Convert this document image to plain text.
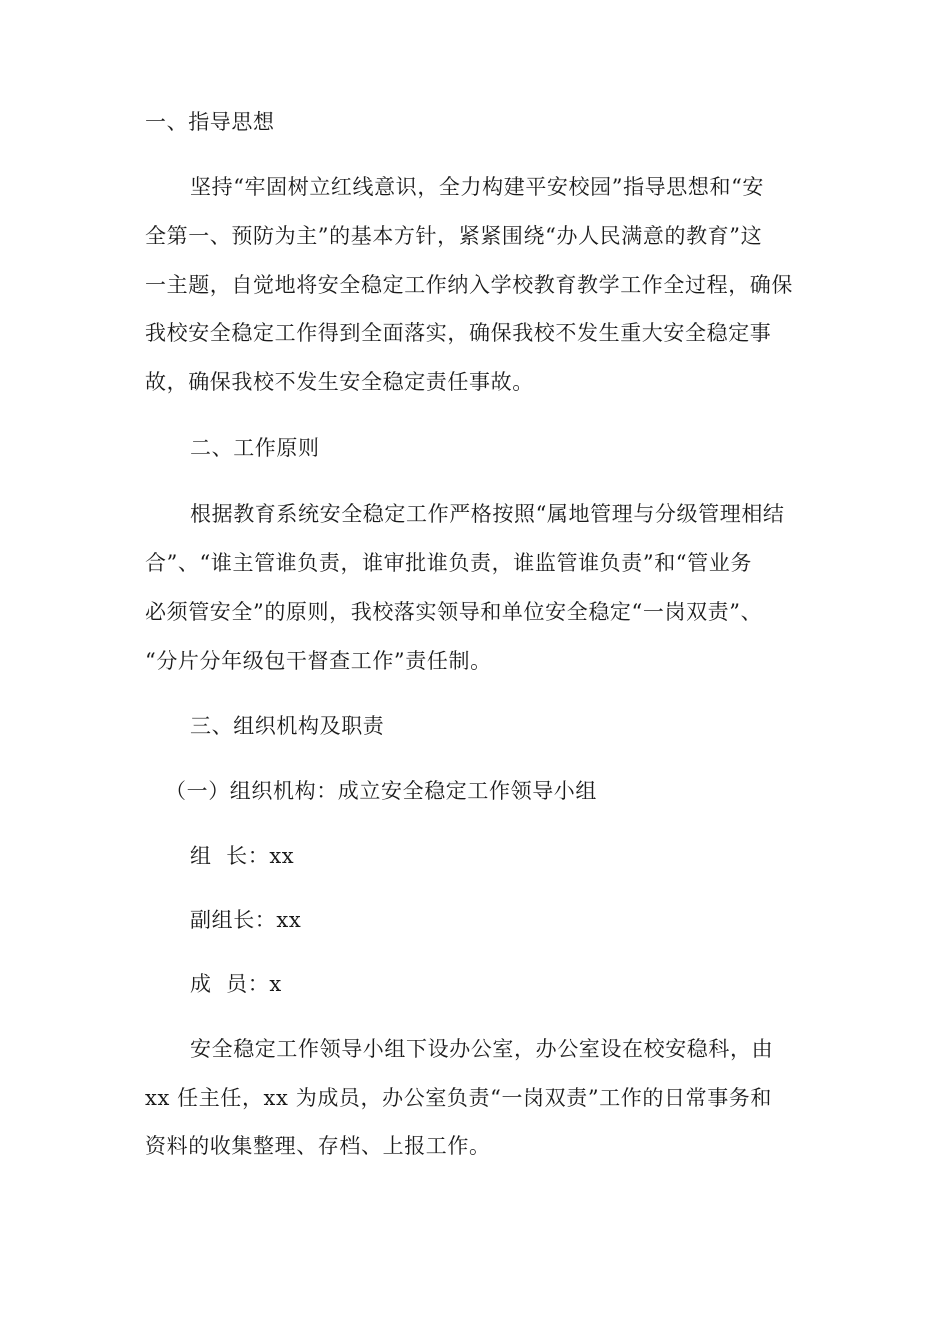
一、指导思想
坚持“牢固树立红线意识，全力构建平安校园”指导思想和“安
全第一、预防为主”的基本方针，紧紧围绕“办人民满意的教育”这
一主题，自觉地将安全稳定工作纳入学校教育教学工作全过程，确保
我校安全稳定工作得到全面落实，确保我校不发生重大安全稳定事
故，确保我校不发生安全稳定责任事故。
二、工作原则
根据教育系统安全稳定工作严格按照“属地管理与分级管理相结
合”、“谁主管谁负责，谁审批谁负责，谁监管谁负责”和“管业务
必须管安全”的原则，我校落实领导和单位安全稳定“一岗双责”、
“分片分年级包干督查工作”责任制。
三、组织机构及职责
（一）组织机构：成立安全稳定工作领导小组
组  长：xx
副组长：xx
成  员：x
安全稳定工作领导小组下设办公室，办公室设在校安稳科，由
xx 任主任，xx 为成员，办公室负责“一岗双责”工作的日常事务和
资料的收集整理、存档、上报工作。
